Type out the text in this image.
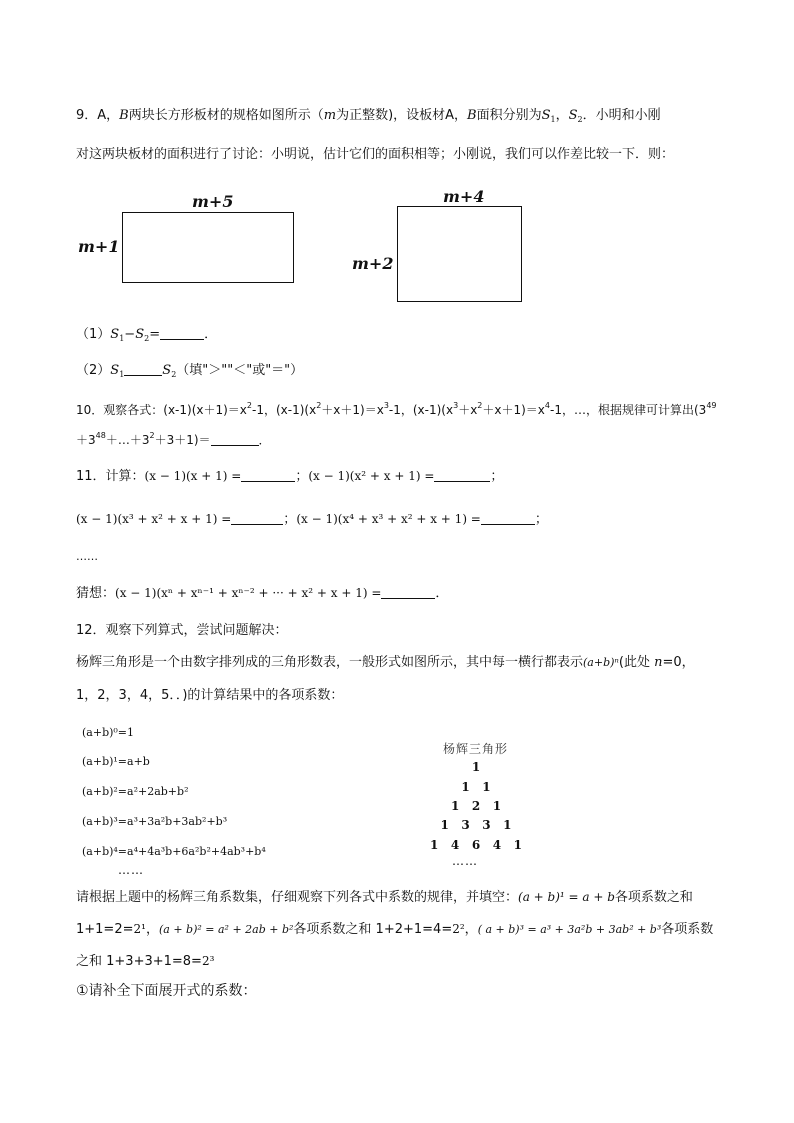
9．A，B两块长方形板材的规格如图所示（m为正整数)，设板材A，B面积分别为$S_1$，$S_2$．小明和小刚
对这两块板材的面积进行了讨论：小明说，估计它们的面积相等；小刚说，我们可以作差比较一下．则：
m+5
m+1
m+4
m+2
$(1)S_1-S_2=$	．
$(2)S_1$	$S_2$（填"＞""＜"或"＝"）
10．观察各式：$(x-1)(x+1)=x^2-1$，$(x-1)(x^2+x+1)=x^3-1$，$(x-1)(x^3+x^2+x+1)=x^4-1$，…，根据规律可计算出($3^{49}$
$+3^{48}+\dots+3^2+3+1)=$	．
11．计算：(x − 1)(x + 1) =	；(x − 1)(x² + x + 1) =	；
(x − 1)(x³ + x² + x + 1) =	；(x − 1)(x⁴ + x³ + x² + x + 1) =	；
……
猜想：(x − 1)(xⁿ + xⁿ⁻¹ + xⁿ⁻² + ··· + x² + x + 1) =	．
12．观察下列算式，尝试问题解决：
杨辉三角形是一个由数字排列成的三角形数表，一般形式如图所示，其中每一横行都表示(a+b)ⁿ(此处 n=0，
1，2，3，4，5．．)的计算结果中的各项系数：
(a+b)⁰=1
(a+b)¹=a+b
(a+b)²=a²+2ab+b²
(a+b)³=a³+3a²b+3ab²+b³
(a+b)⁴=a⁴+4a³b+6a²b²+4ab³+b⁴
……
杨辉三角形
1
1   1
1   2   1
1   3   3   1
1   4   6   4   1
……
请根据上题中的杨辉三角系数集，仔细观察下列各式中系数的规律，并填空：(a + b)¹ = a + b各项系数之和
1+1=2=2¹，(a + b)² = a² + 2ab + b²各项系数之和 1+2+1=4=2²，( a + b)³ = a³ + 3a²b + 3ab² + b³各项系数
之和 1+3+3+1=8=2³
①请补全下面展开式的系数：
